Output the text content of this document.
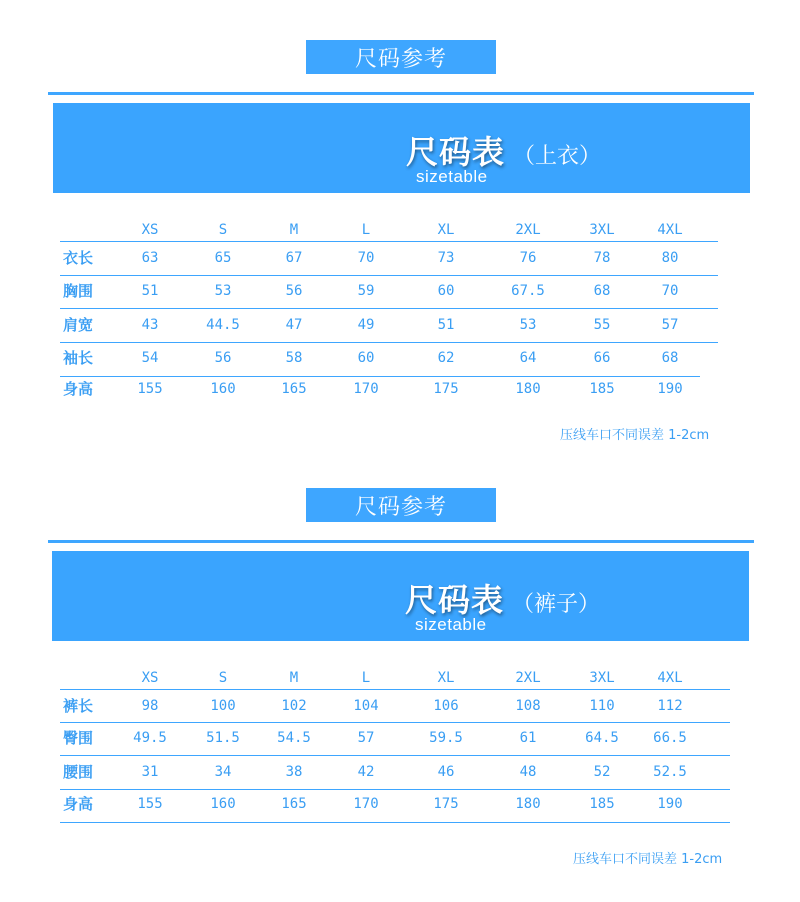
尺码参考
尺码表 （上衣）
sizetable
XS	S	M	L	XL	2XL	3XL	4XL
衣长	63	65	67	70	73	76	78	80
胸围	51	53	56	59	60	67.5	68	70
肩宽	43	44.5	47	49	51	53	55	57
袖长	54	56	58	60	62	64	66	68
身高	155	160	165	170	175	180	185	190
压线车口不同误差 1-2cm
尺码参考
尺码表 （裤子）
sizetable
XS	S	M	L	XL	2XL	3XL	4XL
裤长	98	100	102	104	106	108	110	112
臀围	49.5	51.5	54.5	57	59.5	61	64.5	66.5
腰围	31	34	38	42	46	48	52	52.5
身高	155	160	165	170	175	180	185	190
压线车口不同误差 1-2cm
